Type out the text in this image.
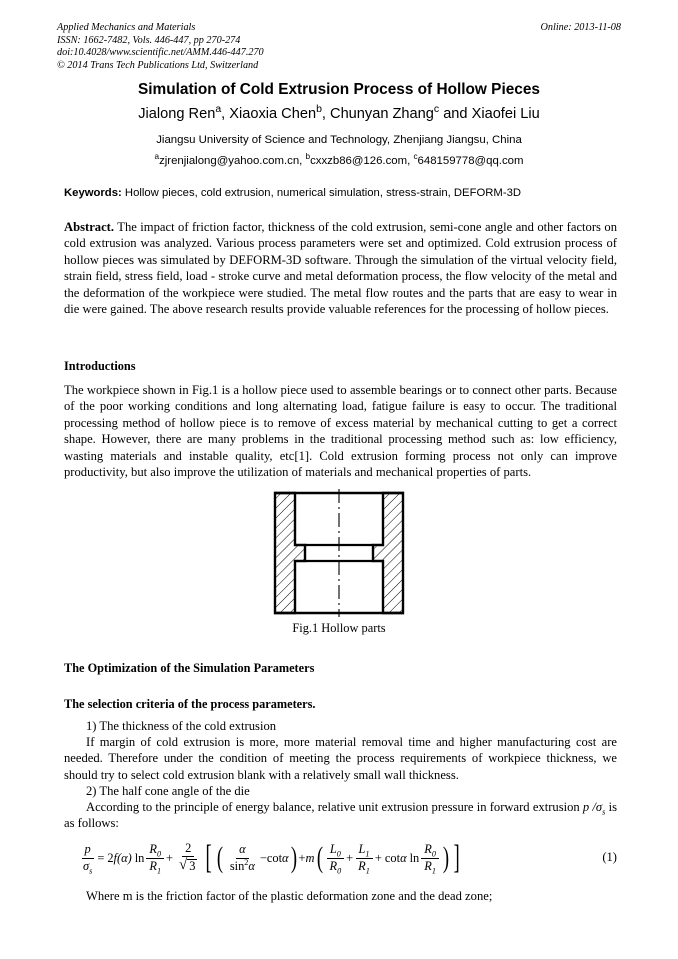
Applied Mechanics and Materials
ISSN: 1662-7482, Vols. 446-447, pp 270-274
doi:10.4028/www.scientific.net/AMM.446-447.270
© 2014 Trans Tech Publications Ltd, Switzerland
Online: 2013-11-08
Simulation of Cold Extrusion Process of Hollow Pieces
Jialong Ren$^a$, Xiaoxia Chen$^b$, Chunyan Zhang$^c$ and Xiaofei Liu
Jiangsu University of Science and Technology, Zhenjiang Jiangsu, China
$^a$zjrenjialong@yahoo.com.cn, $^b$cxxzb86@126.com, $^c$648159778@qq.com
Keywords: Hollow pieces, cold extrusion, numerical simulation, stress-strain, DEFORM-3D
Abstract. The impact of friction factor, thickness of the cold extrusion, semi-cone angle and other factors on cold extrusion was analyzed. Various process parameters were set and optimized. Cold extrusion process of hollow pieces was simulated by DEFORM-3D software. Through the simulation of the virtual velocity field, strain field, stress field, load - stroke curve and metal deformation process, the flow velocity of the metal and the deformation of the workpiece were studied. The metal flow routes and the parts that are easy to wear in die were gained. The above research results provide valuable references for the processing of hollow pieces.
Introductions
The workpiece shown in Fig.1 is a hollow piece used to assemble bearings or to connect other parts. Because of the poor working conditions and long alternating load, fatigue failure is easy to occur. The traditional processing method of hollow piece is to remove of excess material by mechanical cutting to get a correct shape. However, there are many problems in the traditional processing method such as: low efficiency, wasting materials and instable quality, etc[1]. Cold extrusion forming process not only can improve productivity, but also improve the utilization of materials and mechanical properties of parts.
Fig.1 Hollow parts
The Optimization of the Simulation Parameters
The selection criteria of the process parameters.
1) The thickness of the cold extrusion
If margin of cold extrusion is more, more material removal time and higher manufacturing cost are needed. Therefore under the condition of meeting the process requirements of workpiece thickness, we should try to select cold extrusion blank with a relatively small wall thickness.
2) The half cone angle of the die
According to the principle of energy balance, relative unit extrusion pressure in forward extrusion p $/\sigma_s$ is as follows:
$\frac{p}{\sigma_s} = 2$ f (α) $\ln \frac{R_0}{R_1} + \frac{2}{√ 3}$ [ ( $\frac{\alpha}{\sin^2\alpha} -\cot$ α ) + m ( $\frac{L_0}{R_0} + \frac{L_1}{R_1} + \cot \alpha$ $\ln \frac{R_0}{R_1}$ ) ]	(1)
Where m is the friction factor of the plastic deformation zone and the dead zone;
